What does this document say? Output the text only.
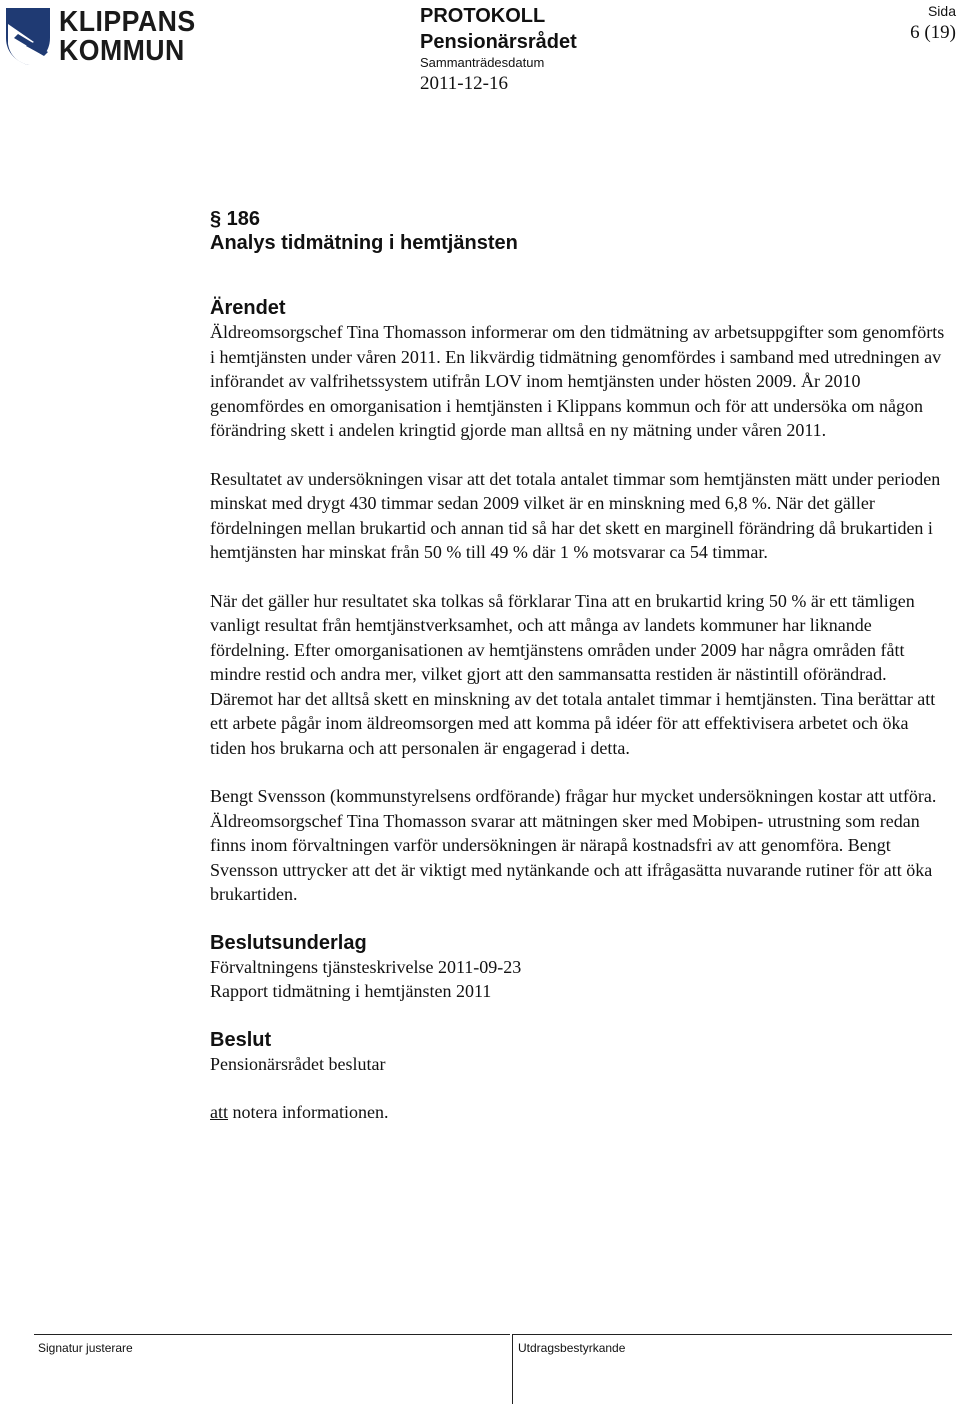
KLIPPANS
KOMMUN
PROTOKOLL
Pensionärsrådet
Sammanträdesdatum
2011-12-16
Sida
6 (19)
§ 186
Analys tidmätning i hemtjänsten
Ärendet

Äldreomsorgschef Tina Thomasson informerar om den tidmätning av arbetsuppgifter som genomförts i hemtjänsten under våren 2011. En likvärdig tidmätning genomfördes i samband med utredningen av införandet av valfrihetssystem utifrån LOV inom hemtjänsten under hösten 2009. År 2010 genomfördes en omorganisation i hemtjänsten i Klippans kommun och för att undersöka om någon förändring skett i andelen kringtid gjorde man alltså en ny mätning under våren 2011.

Resultatet av undersökningen visar att det totala antalet timmar som hemtjänsten mätt under perioden minskat med drygt 430 timmar sedan 2009 vilket är en minskning med 6,8 %. När det gäller fördelningen mellan brukartid och annan tid så har det skett en marginell förändring då brukartiden i hemtjänsten har minskat från 50 % till 49 % där 1 % motsvarar ca 54 timmar.

När det gäller hur resultatet ska tolkas så förklarar Tina att en brukartid kring 50 % är ett tämligen vanligt resultat från hemtjänstverksamhet, och att många av landets kommuner har liknande fördelning. Efter omorganisationen av hemtjänstens områden under 2009 har några områden fått mindre restid och andra mer, vilket gjort att den sammansatta restiden är nästintill oförändrad. Däremot har det alltså skett en minskning av det totala antalet timmar i hemtjänsten. Tina berättar att ett arbete pågår inom äldreomsorgen med att komma på idéer för att effektivisera arbetet och öka tiden hos brukarna och att personalen är engagerad i detta.

Bengt Svensson (kommunstyrelsens ordförande) frågar hur mycket undersökningen kostar att utföra. Äldreomsorgschef Tina Thomasson svarar att mätningen sker med Mobipen- utrustning som redan finns inom förvaltningen varför undersökningen är närapå kostnadsfri av att genomföra. Bengt Svensson uttrycker att det är viktigt med nytänkande och att ifrågasätta nuvarande rutiner för att öka brukartiden.

Beslutsunderlag

Förvaltningens tjänsteskrivelse 2011-09-23

Rapport tidmätning i hemtjänsten 2011

Beslut

Pensionärsrådet beslutar

att notera informationen.

Signatur justerare	Utdragsbestyrkande
